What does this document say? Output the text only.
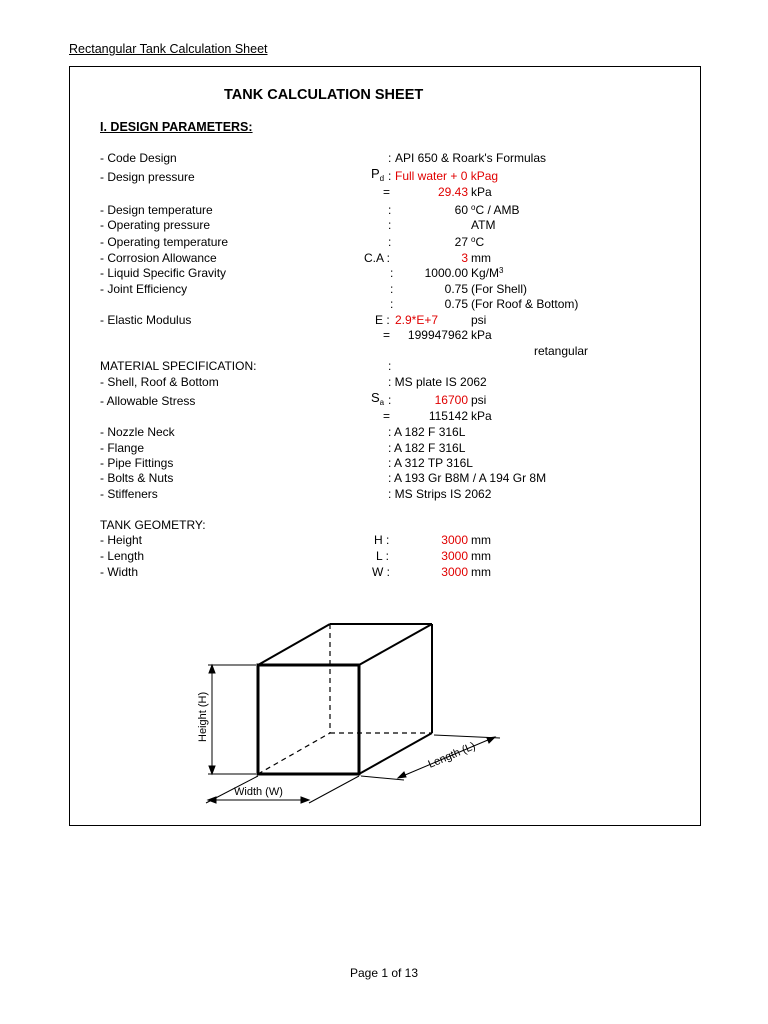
Rectangular Tank Calculation Sheet
TANK CALCULATION SHEET
I. DESIGN PARAMETERS:
- Code Design	: API 650 & Roark's Formulas
- Design pressure	$P_d$ : Full water + 0 kPag
=	29.43 kPa
- Design temperature	:	60 $^o$C / AMB
- Operating pressure	:	ATM
- Operating temperature	:	27 $^o$C
- Corrosion Allowance	C.A :	3 mm
- Liquid Specific Gravity	:	1000.00 $Kg/M^3$
- Joint Efficiency	:	0.75 (For Shell)
:	0.75 (For Roof & Bottom)
- Elastic Modulus	E : 2.9*E+7	psi
=	199947962 kPa
retangular
MATERIAL SPECIFICATION:	:
- Shell, Roof & Bottom	: MS plate IS 2062
- Allowable Stress	$S_a$ :	16700 psi
=	115142 kPa
- Nozzle Neck	: A 182 F 316L
- Flange	: A 182 F 316L
- Pipe Fittings	: A 312 TP 316L
- Bolts & Nuts	: A 193 Gr B8M / A 194 Gr 8M
- Stiffeners	: MS Strips IS 2062
TANK GEOMETRY:
- Height	H :	3000 mm
- Length	L :	3000 mm
- Width	W :	3000 mm
Height (H)
Length (L)
Width (W)
Page 1 of 13
